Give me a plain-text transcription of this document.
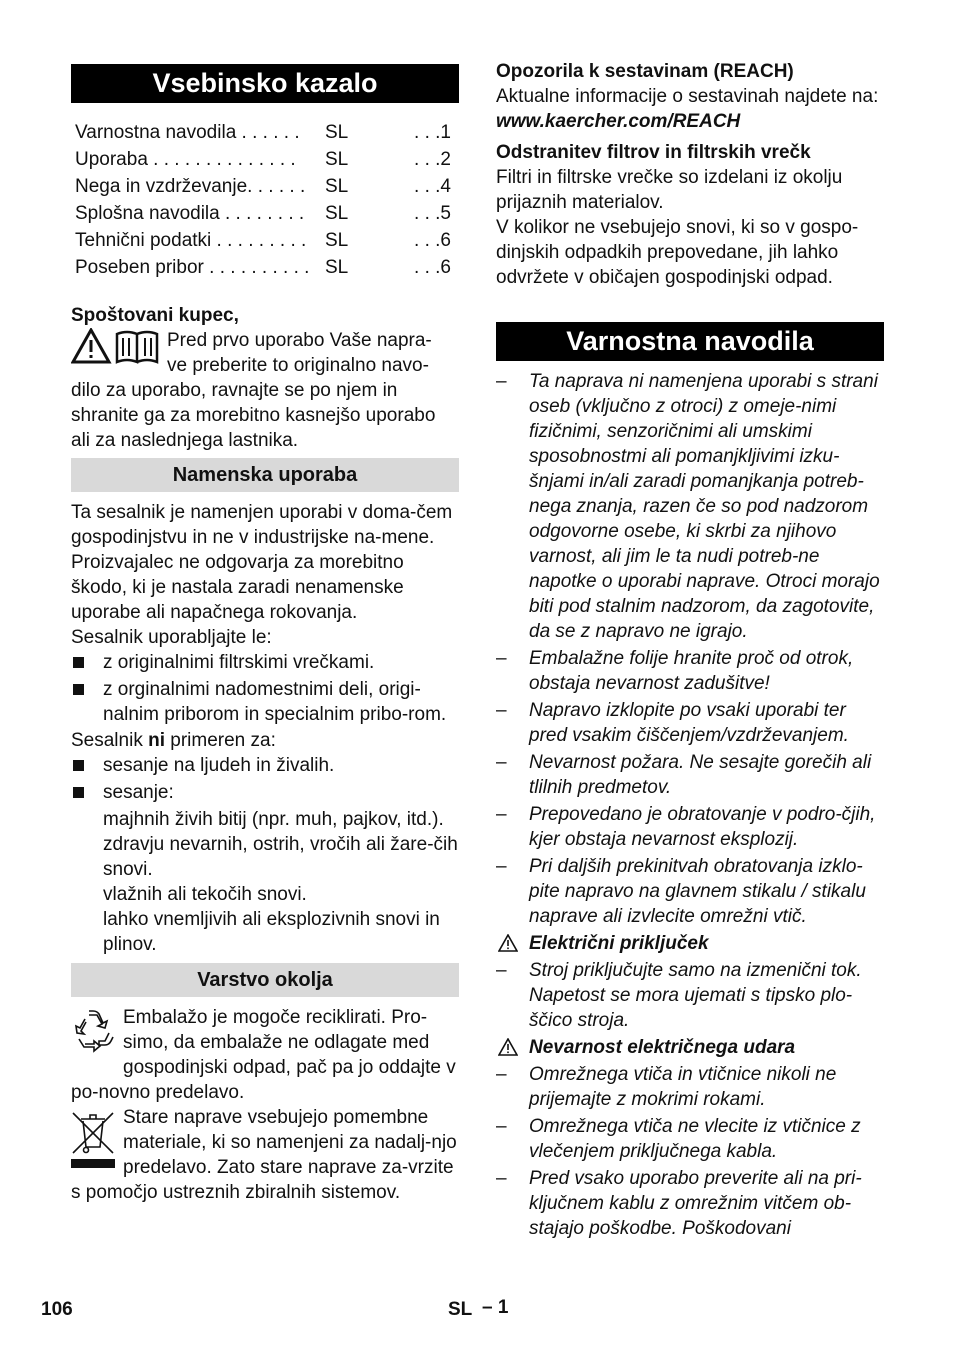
Vsebinsko kazalo
Varnostna navodila . . . . . .	SL	. . .1
Uporaba . . . . . . . . . . . . . .	SL	. . .2
Nega in vzdrževanje. . . . . .	SL	. . .4
Splošna navodila . . . . . . . .	SL	. . .5
Tehnični podatki . . . . . . . . . SL	. . .6
Poseben pribor . . . . . . . . . . SL	. . .6

Spoštovani kupec,

Pred prvo uporabo Vaše napra-

ve preberite to originalno navo-

dilo za uporabo, ravnajte se po njem in shranite ga za morebitno kasnejšo uporabo ali za naslednjega lastnika.

Namenska uporaba

Ta sesalnik je namenjen uporabi v doma-čem gospodinjstvu in ne v industrijske na-mene.

Proizvajalec ne odgovarja za morebitno škodo, ki je nastala zaradi nenamenske uporabe ali napačnega rokovanja.

Sesalnik uporabljajte le:

z originalnimi filtrskimi vrečkami.
z orginalnimi nadomestnimi deli, origi-nalnim priborom in specialnim pribo-rom.

Sesalnik ni primeren za:

sesanje na ljudeh in živalih.
sesanje:

majhnih živih bitij (npr. muh, pajkov, itd.).

zdravju nevarnih, ostrih, vročih ali žare-čih snovi.

vlažnih ali tekočih snovi.

lahko vnemljivih ali eksplozivnih snovi in plinov.

Varstvo okolja

Embalažo je mogoče reciklirati. Pro-simo, da embalaže ne odlagate med gospodinjski odpad, pač pa jo oddajte v po-novno predelavo.

Stare naprave vsebujejo pomembne materiale, ki so namenjeni za nadalj-njo predelavo. Zato stare naprave za-vrzite s pomočjo ustreznih zbiralnih sistemov.

Opozorila k sestavinam (REACH)

Aktualne informacije o sestavinah najdete na:

www.kaercher.com/REACH

Odstranitev filtrov in filtrskih vrečk

Filtri in filtrske vrečke so izdelani iz okolju prijaznih materialov.

V kolikor ne vsebujejo snovi, ki so v gospo-dinjskih odpadkih prepovedane, jih lahko odvržete v običajen gospodinjski odpad.

Varnostna navodila
– Ta naprava ni namenjena uporabi s strani oseb (vključno z otroci) z omeje-nimi fizičnimi, senzoričnimi ali umskimi sposobnostmi ali pomanjkljivimi izku-šnjami in/ali zaradi pomanjkanja potreb-nega znanja, razen če so pod nadzorom odgovorne osebe, ki skrbi za njihovo varnost, ali jim le ta nudi potreb-ne napotke o uporabi naprave. Otroci morajo biti pod stalnim nadzorom, da zagotovite, da se z napravo ne igrajo.
– Embalažne folije hranite proč od otrok, obstaja nevarnost zadušitve!
– Napravo izklopite po vsaki uporabi ter pred vsakim čiščenjem/vzdrževanjem.
– Nevarnost požara. Ne sesajte gorečih ali tlilnih predmetov.
– Prepovedano je obratovanje v podro-čjih, kjer obstaja nevarnost eksplozij.
– Pri daljših prekinitvah obratovanja izklo-pite napravo na glavnem stikalu / stikalu naprave ali izvlecite omrežni vtič.
Električni priključek
– Stroj priključujte samo na izmenični tok. Napetost se mora ujemati s tipsko plo-ščico stroja.
Nevarnost električnega udara
– Omrežnega vtiča in vtičnice nikoli ne prijemajte z mokrimi rokami.
– Omrežnega vtiča ne vlecite iz vtičnice z vlečenjem priključnega kabla.
– Pred vsako uporabo preverite ali na pri-ključnem kablu z omrežnim vitčem ob-stajajo poškodbe. Poškodovani
106	SL – 1
